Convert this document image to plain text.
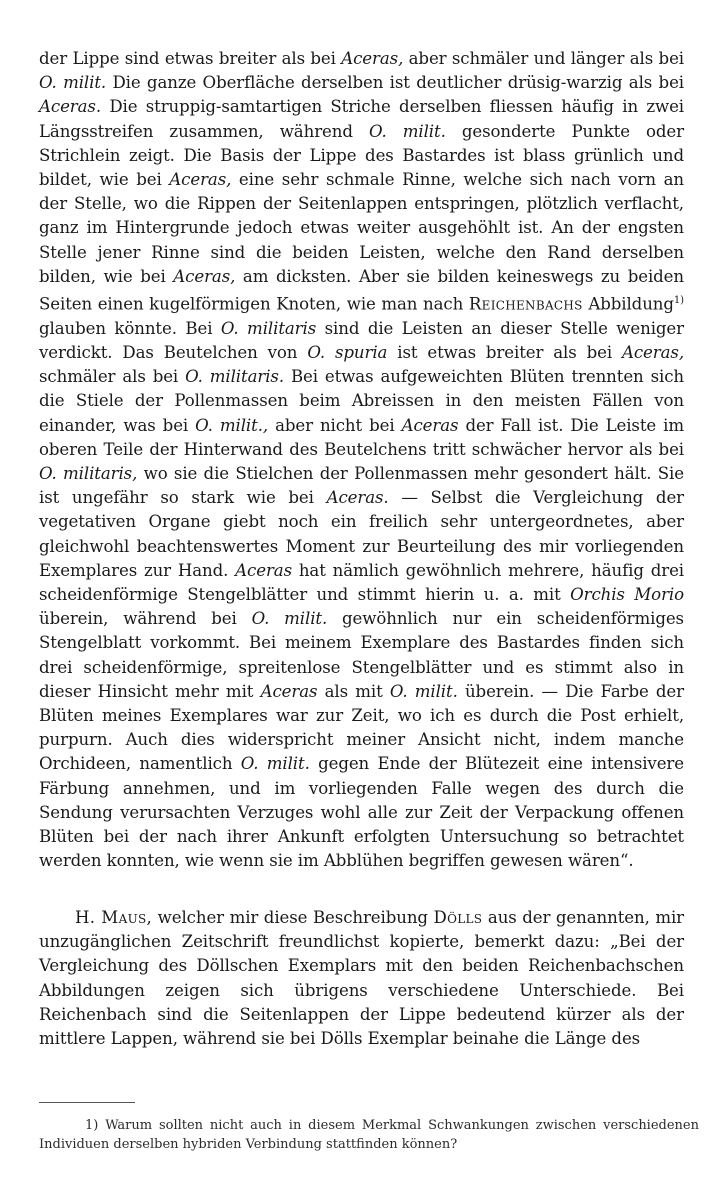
der Lippe sind etwas breiter als bei Aceras, aber schmäler und länger als bei O. milit. Die ganze Oberfläche derselben ist deutlicher drüsig-warzig als bei Aceras. Die struppig-samtartigen Striche derselben fliessen häufig in zwei Längsstreifen zusammen, während O. milit. gesonderte Punkte oder Strichlein zeigt. Die Basis der Lippe des Bastardes ist blass grünlich und bildet, wie bei Aceras, eine sehr schmale Rinne, welche sich nach vorn an der Stelle, wo die Rippen der Seitenlappen entspringen, plötzlich verflacht, ganz im Hintergrunde jedoch etwas weiter ausgehöhlt ist. An der engsten Stelle jener Rinne sind die beiden Leisten, welche den Rand derselben bilden, wie bei Aceras, am dicksten. Aber sie bilden keineswegs zu beiden Seiten einen kugelförmigen Knoten, wie man nach Reichenbachs Abbildung$^{1)}$ glauben könnte. Bei O. militaris sind die Leisten an dieser Stelle weniger verdickt. Das Beutelchen von O. spuria ist etwas breiter als bei Aceras, schmäler als bei O. militaris. Bei etwas aufgeweichten Blüten trennten sich die Stiele der Pollenmassen beim Abreissen in den meisten Fällen von einander, was bei O. milit., aber nicht bei Aceras der Fall ist. Die Leiste im oberen Teile der Hinterwand des Beutelchens tritt schwächer hervor als bei O. militaris, wo sie die Stielchen der Pollenmassen mehr gesondert hält. Sie ist ungefähr so stark wie bei Aceras. — Selbst die Vergleichung der vegetativen Organe giebt noch ein freilich sehr untergeordnetes, aber gleichwohl beachtenswertes Moment zur Beurteilung des mir vorliegenden Exemplares zur Hand. Aceras hat nämlich gewöhnlich mehrere, häufig drei scheidenförmige Stengelblätter und stimmt hierin u. a. mit Orchis Morio überein, während bei O. milit. gewöhnlich nur ein scheidenförmiges Stengelblatt vorkommt. Bei meinem Exemplare des Bastardes finden sich drei scheidenförmige, spreitenlose Stengelblätter und es stimmt also in dieser Hinsicht mehr mit Aceras als mit O. milit. überein. — Die Farbe der Blüten meines Exemplares war zur Zeit, wo ich es durch die Post erhielt, purpurn. Auch dies widerspricht meiner Ansicht nicht, indem manche Orchideen, namentlich O. milit. gegen Ende der Blütezeit eine intensivere Färbung annehmen, und im vorliegenden Falle wegen des durch die Sendung verursachten Verzuges wohl alle zur Zeit der Verpackung offenen Blüten bei der nach ihrer Ankunft erfolgten Untersuchung so betrachtet werden konnten, wie wenn sie im Abblühen begriffen gewesen wären“.

H. Maus, welcher mir diese Beschreibung Dölls aus der genannten, mir unzugänglichen Zeitschrift freundlichst kopierte, bemerkt dazu: „Bei der Vergleichung des Döllschen Exemplars mit den beiden Reichenbachschen Abbildungen zeigen sich übrigens verschiedene Unterschiede. Bei Reichenbach sind die Seitenlappen der Lippe bedeutend kürzer als der mittlere Lappen, während sie bei Dölls Exemplar beinahe die Länge des

1) Warum sollten nicht auch in diesem Merkmal Schwankungen zwischen verschiedenen Individuen derselben hybriden Verbindung stattfinden können?
